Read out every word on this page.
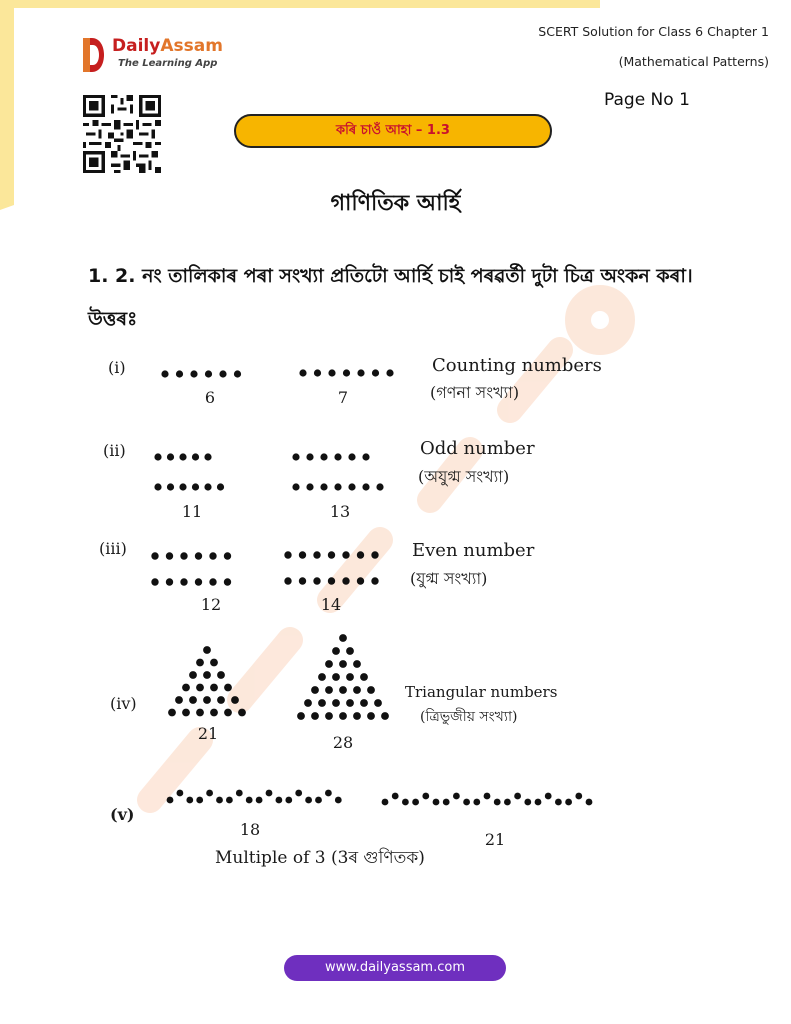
DailyAssam
The Learning App
SCERT Solution for Class 6 Chapter 1
(Mathematical Patterns)
Page No 1
কৰি চাওঁ আহা – 1.3
গাণিতিক আৰ্হি
1. 2. নং তালিকাৰ পৰা সংখ্যা প্ৰতিটো আৰ্হি চাই পৰৱৰ্তী দুটা চিত্ৰ অংকন কৰা।
উত্তৰঃ
(i)
6	7
Counting numbers
(গণনা সংখ্যা)
(ii)
11	13
Odd number
(অযুগ্ম সংখ্যা)
(iii)
12	14
Even number
(যুগ্ম সংখ্যা)
(iv)
21	28
Triangular numbers
(ত্ৰিভুজীয় সংখ্যা)
(v)
18
21
Multiple of 3 (3ৰ গুণিতক)
www.dailyassam.com
